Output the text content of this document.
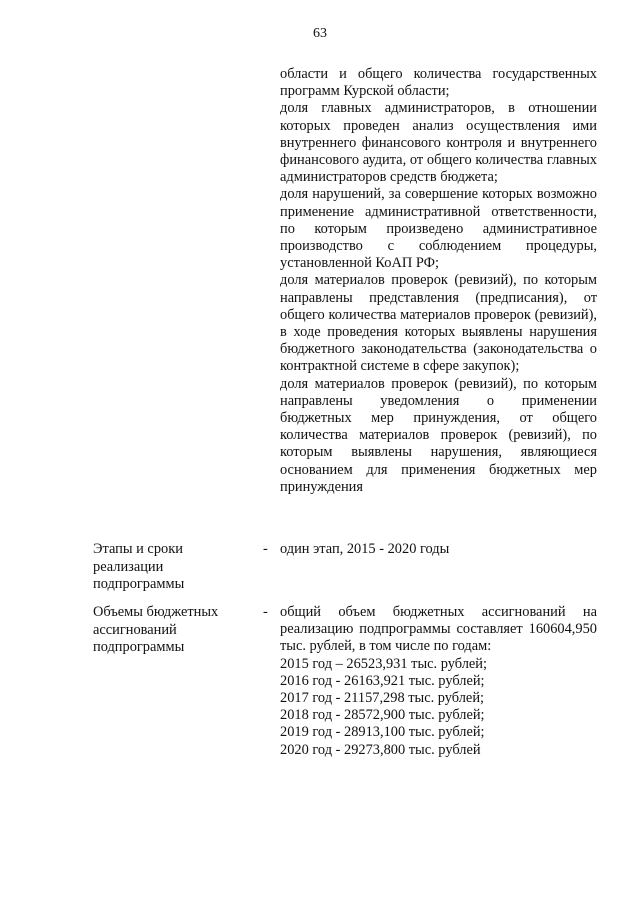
63

области и общего количества государственных программ Курской области;

доля главных администраторов, в отношении которых проведен анализ осуществления ими внутреннего финансового контроля и внутреннего финансового аудита, от общего количества главных администраторов средств бюджета;

доля нарушений, за совершение которых возможно применение административной ответственности, по которым произведено административное производство с соблюдением процедуры, установленной КоАП РФ;

доля материалов проверок (ревизий), по которым направлены представления (предписания), от общего количества материалов проверок (ревизий), в ходе проведения которых выявлены нарушения бюджетного законодательства (законодательства о контрактной системе в сфере закупок);

доля материалов проверок (ревизий), по которым направлены уведомления о применении бюджетных мер принуждения, от общего количества материалов проверок (ревизий), по которым выявлены нарушения, являющиеся основанием для применения бюджетных мер принуждения

Этапы и сроки
реализации
подпрограммы
- один этап, 2015 - 2020 годы

Объемы бюджетных
ассигнований
подпрограммы
- общий объем бюджетных ассигнований на реализацию подпрограммы составляет 160604,950 тыс. рублей, в том числе по годам:

2015 год – 26523,931 тыс. рублей;
2016 год - 26163,921 тыс. рублей;
2017 год - 21157,298 тыс. рублей;
2018 год - 28572,900 тыс. рублей;
2019 год - 28913,100 тыс. рублей;
2020 год - 29273,800 тыс. рублей
